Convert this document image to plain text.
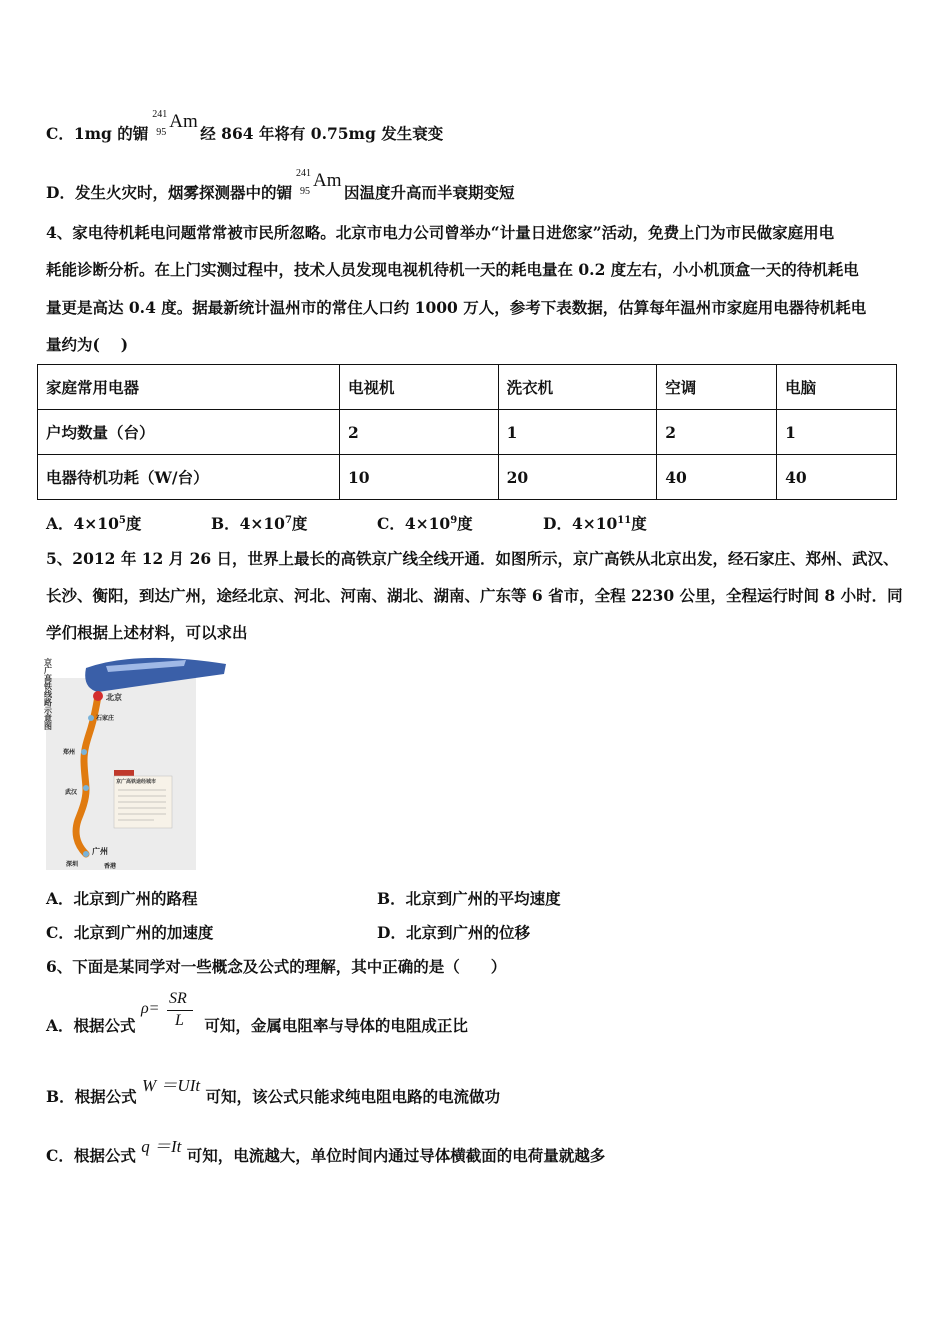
C．1mg 的镅
241
95
Am
经 864 年将有 0.75mg 发生衰变
D．发生火灾时，烟雾探测器中的镅
241
95
Am
因温度升高而半衰期变短
4、家电待机耗电问题常常被市民所忽略。北京市电力公司曾举办“计量日进您家”活动，免费上门为市民做家庭用电
耗能诊断分析。在上门实测过程中，技术人员发现电视机待机一天的耗电量在 0.2 度左右，小小机顶盒一天的待机耗电
量更是高达 0.4 度。据最新统计温州市的常住人口约 1000 万人，参考下表数据，估算每年温州市家庭用电器待机耗电
量约为(　 )
家庭常用电器	电视机	洗衣机	空调	电脑
户均数量（台）	2	1	2	1
电器待机功耗（W/台）	10	20	40	40
A．$4\times 10^5$度	B．$4\times 10^7$度	C．$4\times 10^9$度	D．$4\times 10^{11}$度
5、2012 年 12 月 26 日，世界上最长的高铁京广线全线开通．如图所示，京广高铁从北京出发，经石家庄、郑州、武汉、
长沙、衡阳，到达广州，途经北京、河北、河南、湖北、湖南、广东等 6 省市，全程 2230 公里，全程运行时间 8 小时．同
学们根据上述材料，可以求出
京广高铁线路示意图	北京
石家庄
郑州
武汉
广州
深圳	香港
京广高铁途经城市
A．北京到广州的路程	B．北京到广州的平均速度
C．北京到广州的加速度	D．北京到广州的位移
6、下面是某同学对一些概念及公式的理解，其中正确的是（　　）
A．根据公式
ρ=
SR
L 可知，金属电阻率与导体的电阻成正比
B．根据公式 W ＝UIt 可知，该公式只能求纯电阻电路的电流做功
C．根据公式 q ＝It 可知，电流越大，单位时间内通过导体横截面的电荷量就越多
